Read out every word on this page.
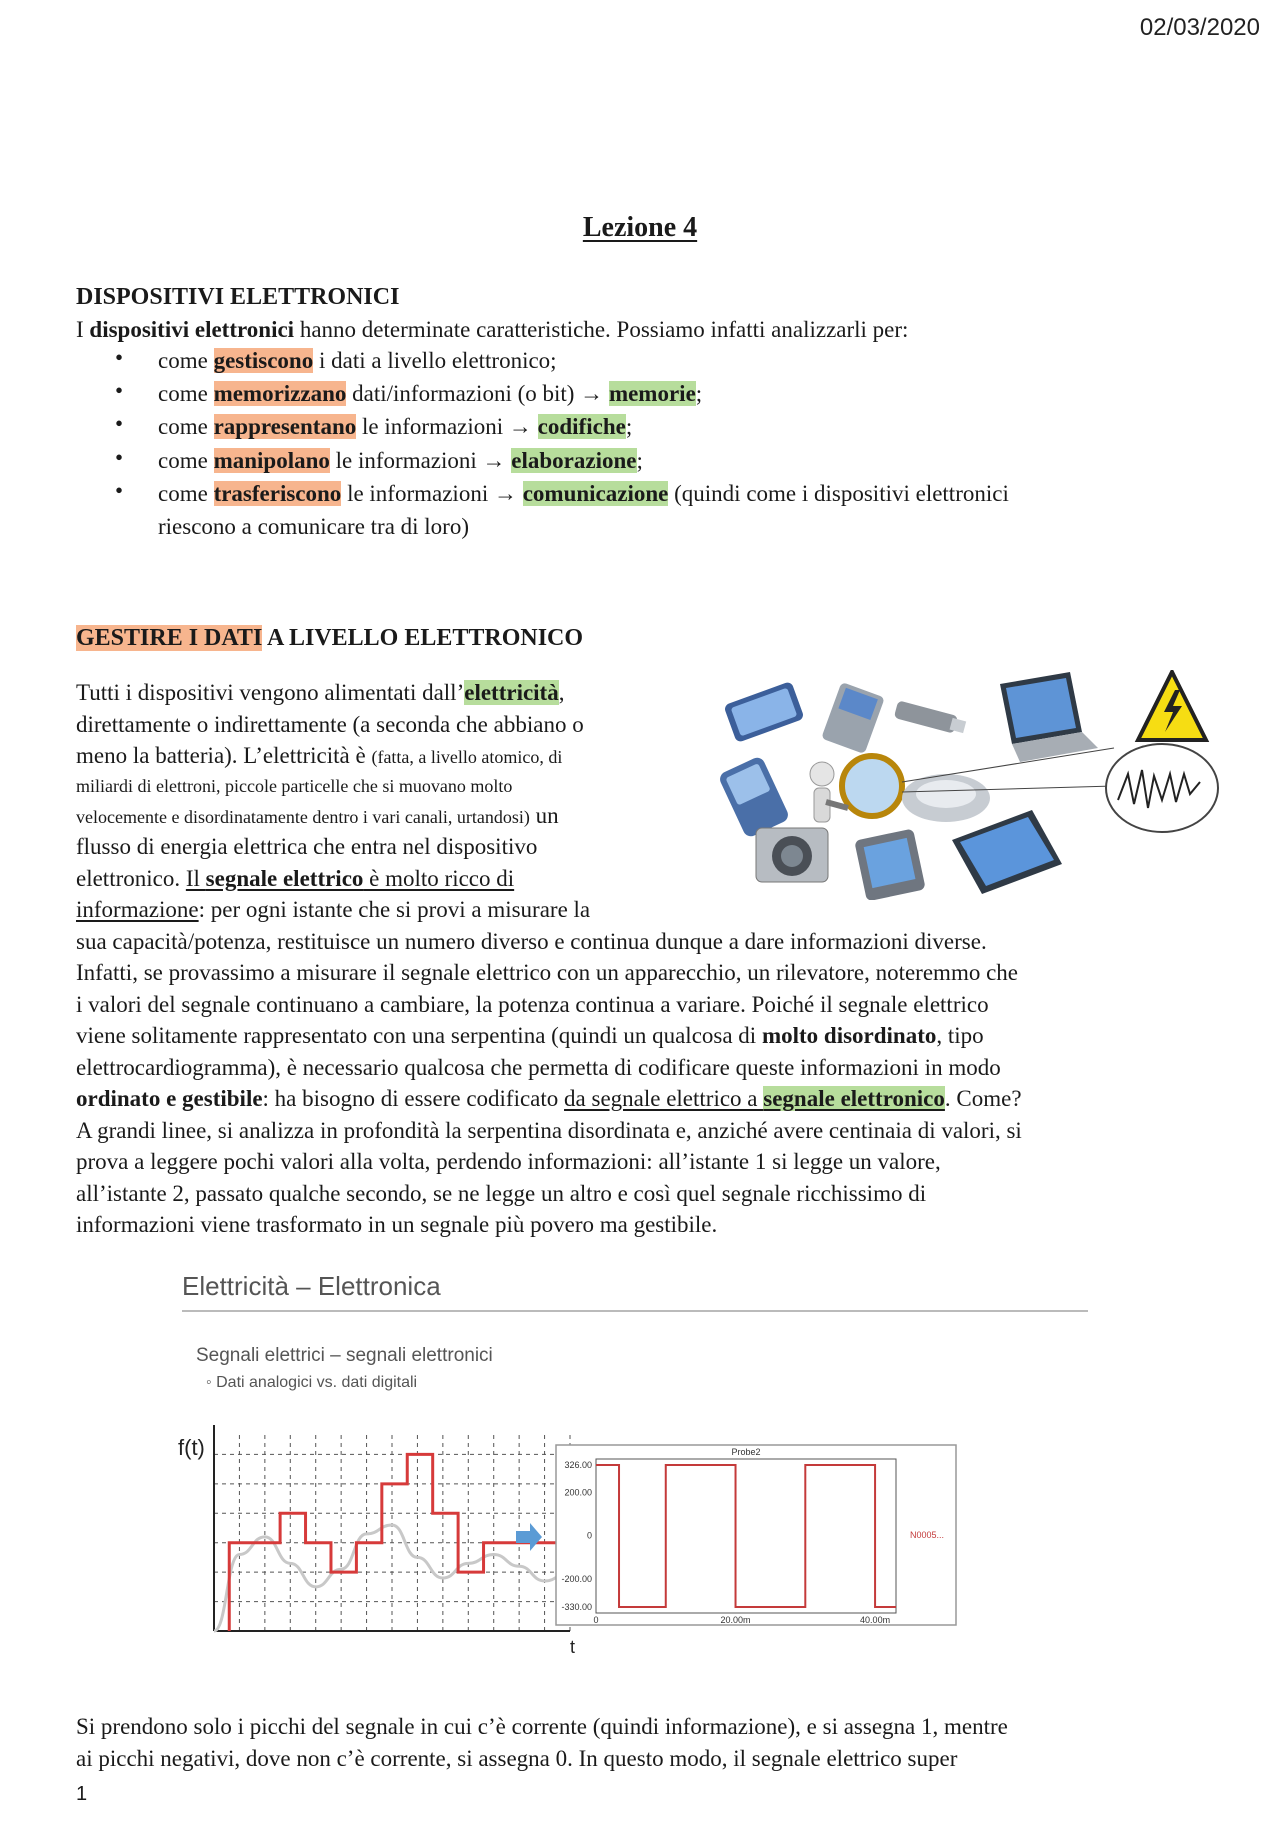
02/03/2020
Lezione 4
DISPOSITIVI ELETTRONICI
I dispositivi elettronici hanno determinate caratteristiche. Possiamo infatti analizzarli per:
• come gestiscono i dati a livello elettronico;
• come memorizzano dati/informazioni (o bit) → memorie;
• come rappresentano le informazioni → codifiche;
• come manipolano le informazioni → elaborazione;
• come trasferiscono le informazioni → comunicazione (quindi come i dispositivi elettronici
riescono a comunicare tra di loro)
GESTIRE I DATI A LIVELLO ELETTRONICO
Tutti i dispositivi vengono alimentati dall’elettricità,
direttamente o indirettamente (a seconda che abbiano o
meno la batteria). L’elettricità è (fatta, a livello atomico, di
miliardi di elettroni, piccole particelle che si muovano molto
velocemente e disordinatamente dentro i vari canali, urtandosi) un
flusso di energia elettrica che entra nel dispositivo
elettronico. Il segnale elettrico è molto ricco di
informazione: per ogni istante che si provi a misurare la
sua capacità/potenza, restituisce un numero diverso e continua dunque a dare informazioni diverse.
Infatti, se provassimo a misurare il segnale elettrico con un apparecchio, un rilevatore, noteremmo che
i valori del segnale continuano a cambiare, la potenza continua a variare. Poiché il segnale elettrico
viene solitamente rappresentato con una serpentina (quindi un qualcosa di molto disordinato, tipo
elettrocardiogramma), è necessario qualcosa che permetta di codificare queste informazioni in modo
ordinato e gestibile: ha bisogno di essere codificato da segnale elettrico a segnale elettronico. Come?
A grandi linee, si analizza in profondità la serpentina disordinata e, anziché avere centinaia di valori, si
prova a leggere pochi valori alla volta, perdendo informazioni: all’istante 1 si legge un valore,
all’istante 2, passato qualche secondo, se ne legge un altro e così quel segnale ricchissimo di
informazioni viene trasformato in un segnale più povero ma gestibile.
Elettricità – Elettronica
Segnali elettrici – segnali elettronici
◦ Dati analogici vs. dati digitali
f(t)
t
Probe2
326.00
200.00
0
-200.00
-330.00
0	20.00m	40.00m
N0005...
Si prendono solo i picchi del segnale in cui c’è corrente (quindi informazione), e si assegna 1, mentre
ai picchi negativi, dove non c’è corrente, si assegna 0. In questo modo, il segnale elettrico super
1
